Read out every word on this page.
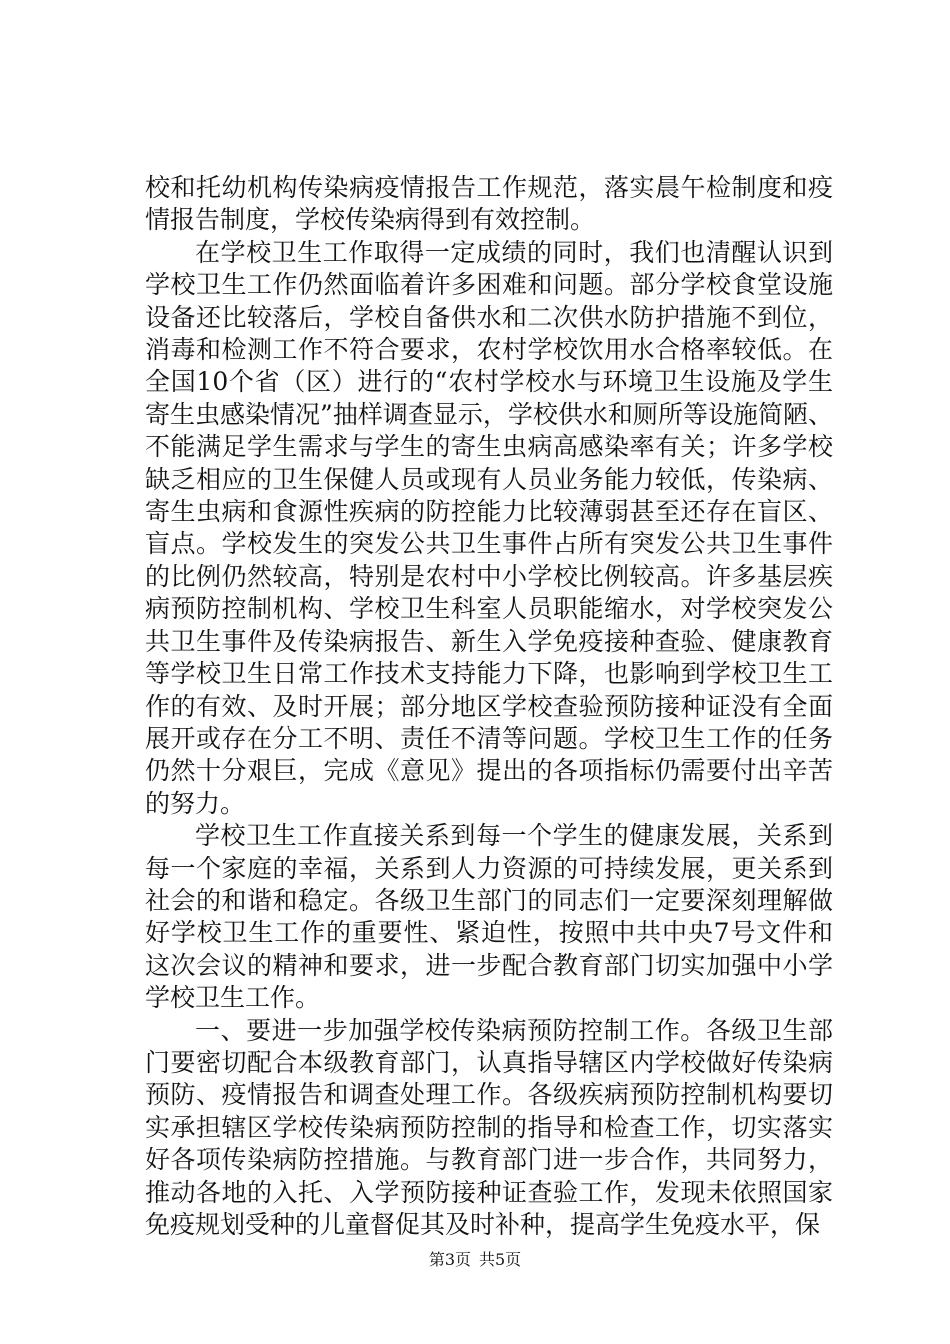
校和托幼机构传染病疫情报告工作规范，落实晨午检制度和疫情报告制度，学校传染病得到有效控制。

在学校卫生工作取得一定成绩的同时，我们也清醒认识到学校卫生工作仍然面临着许多困难和问题。部分学校食堂设施设备还比较落后，学校自备供水和二次供水防护措施不到位，消毒和检测工作不符合要求，农村学校饮用水合格率较低。在全国10个省（区）进行的“农村学校水与环境卫生设施及学生寄生虫感染情况”抽样调查显示，学校供水和厕所等设施简陋、不能满足学生需求与学生的寄生虫病高感染率有关；许多学校缺乏相应的卫生保健人员或现有人员业务能力较低，传染病、寄生虫病和食源性疾病的防控能力比较薄弱甚至还存在盲区、盲点。学校发生的突发公共卫生事件占所有突发公共卫生事件的比例仍然较高，特别是农村中小学校比例较高。许多基层疾病预防控制机构、学校卫生科室人员职能缩水，对学校突发公共卫生事件及传染病报告、新生入学免疫接种查验、健康教育等学校卫生日常工作技术支持能力下降，也影响到学校卫生工作的有效、及时开展；部分地区学校查验预防接种证没有全面展开或存在分工不明、责任不清等问题。学校卫生工作的任务仍然十分艰巨，完成《意见》提出的各项指标仍需要付出辛苦的努力。

学校卫生工作直接关系到每一个学生的健康发展，关系到每一个家庭的幸福，关系到人力资源的可持续发展，更关系到社会的和谐和稳定。各级卫生部门的同志们一定要深刻理解做好学校卫生工作的重要性、紧迫性，按照中共中央7号文件和这次会议的精神和要求，进一步配合教育部门切实加强中小学学校卫生工作。

一、要进一步加强学校传染病预防控制工作。各级卫生部门要密切配合本级教育部门，认真指导辖区内学校做好传染病预防、疫情报告和调查处理工作。各级疾病预防控制机构要切实承担辖区学校传染病预防控制的指导和检查工作，切实落实好各项传染病防控措施。与教育部门进一步合作，共同努力，推动各地的入托、入学预防接种证查验工作，发现未依照国家免疫规划受种的儿童督促其及时补种，提高学生免疫水平，保

第3页 共5页
